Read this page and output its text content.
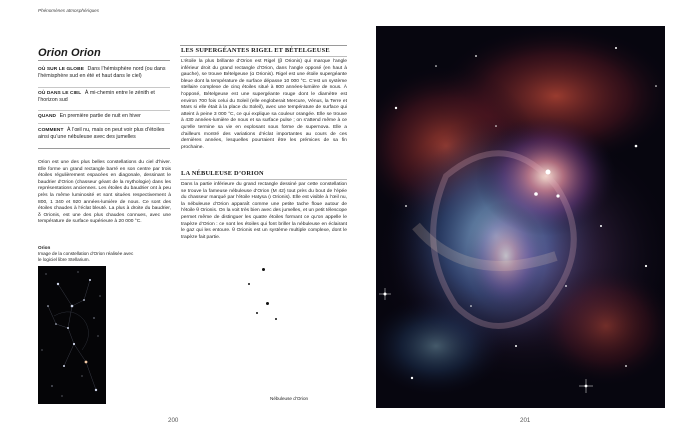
Phénomènes atmosphériques
Orion Orion
OÙ SUR LE GLOBE Dans l’hémisphère nord (ou dans l’hémisphère sud en été et haut dans le ciel)
OÙ DANS LE CIEL À mi-chemin entre le zénith et l’horizon sud
QUAND En première partie de nuit en hiver
COMMENT À l’œil nu, mais on peut voir plus d’étoiles ainsi qu’une nébuleuse avec des jumelles
Orion est une des plus belles constellations du ciel d’hiver. Elle forme un grand rectangle barré en son centre par trois étoiles régulièrement espacées en diagonale, dessinant le baudrier d’Orion (chasseur géant de la mythologie) dans les représentations anciennes. Les étoiles du baudrier ont à peu près la même luminosité et sont situées respectivement à 800, 1 340 et 920 années-lumière de nous. Ce sont des étoiles chaudes à l’éclat bleuté. La plus à droite du baudrier, δ Orionis, est une des plus chaudes connues, avec une température de surface supérieure à 20 000 °C.
Orion
Image de la constellation d’Orion réalisée avec le logiciel libre Stellarium.
LES SUPERGÉANTES RIGEL ET BÉTELGEUSE
L’étoile la plus brillante d’Orion est Rigel (β Orionis) qui marque l’angle inférieur droit du grand rectangle d’Orion, dans l’angle opposé (en haut à gauche), se trouve Bételgeuse (α Orionis). Rigel est une étoile supergéante bleue dont la température de surface dépasse 10 000 °C. C’est un système stellaire complexe de cinq étoiles situé à 800 années-lumière de nous. À l’opposé, Bételgeuse est une supergéante rouge dont le diamètre est environ 700 fois celui du Soleil (elle engloberait Mercure, Vénus, la Terre et Mars si elle était à la place du Soleil), avec une température de surface qui atteint à peine 3 000 °C, ce qui explique sa couleur orangée. Elle se trouve à 430 années-lumière de nous et sa surface pulse ; on s’attend même à ce qu’elle termine sa vie en explosant sous forme de supernova. Elle a d’ailleurs montré des variations d’éclat importantes au cours de ces dernières années, lesquelles pourraient être les prémices de sa fin prochaine.
LA NÉBULEUSE D’ORION
Dans la partie inférieure du grand rectangle dessiné par cette constellation se trouve la fameuse nébuleuse d’Orion (M 42) tout près du bout de l’épée du chasseur marqué par l’étoile Hatysa (ι Orionis). Elle est visible à l’œil nu, la nébuleuse d’Orion apparaît comme une petite tache floue autour de l’étoile θ Orionis. On la voit très bien avec des jumelles, et un petit télescope permet même de distinguer les quatre étoiles formant ce qu’on appelle le trapèze d’Orion : ce sont les étoiles qui font briller la nébuleuse en éclairant le gaz qui les entoure. θ Orionis est un système multiple complexe, dont le trapèze fait partie.
Nébuleuse d’Orion
200	201
